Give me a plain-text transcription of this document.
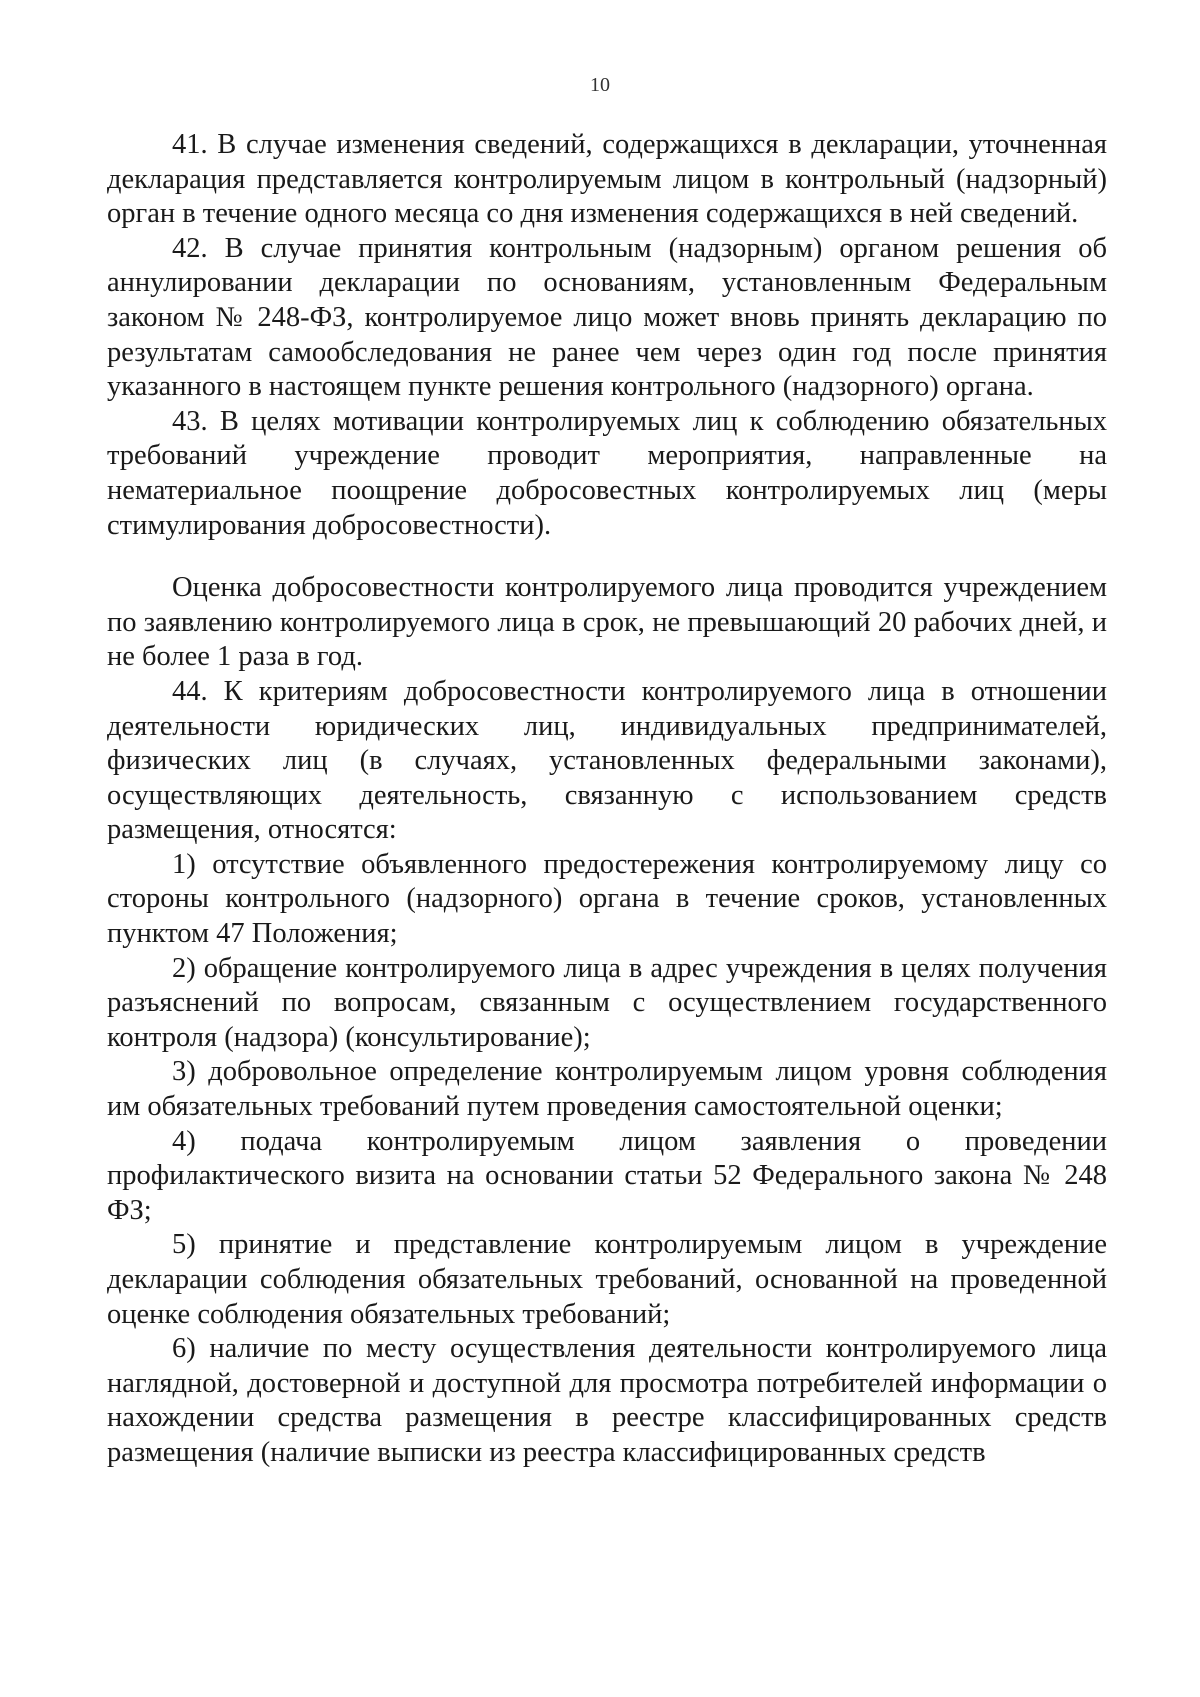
10

41. В случае изменения сведений, содержащихся в декларации, уточненная декларация представляется контролируемым лицом в контрольный (надзорный) орган в течение одного месяца со дня изменения содержащихся в ней сведений.

42. В случае принятия контрольным (надзорным) органом решения об аннулировании декларации по основаниям, установленным Федеральным законом № 248-ФЗ, контролируемое лицо может вновь принять декларацию по результатам самообследования не ранее чем через один год после принятия указанного в настоящем пункте решения контрольного (надзорного) органа.

43. В целях мотивации контролируемых лиц к соблюдению обязательных требований учреждение проводит мероприятия, направленные на нематериальное поощрение добросовестных контролируемых лиц (меры стимулирования добросовестности).

Оценка добросовестности контролируемого лица проводится учреждением по заявлению контролируемого лица в срок, не превышающий 20 рабочих дней, и не более 1 раза в год.

44. К критериям добросовестности контролируемого лица в отношении деятельности юридических лиц, индивидуальных предпринимателей, физических лиц (в случаях, установленных федеральными законами), осуществляющих деятельность, связанную с использованием средств размещения, относятся:

1) отсутствие объявленного предостережения контролируемому лицу со стороны контрольного (надзорного) органа в течение сроков, установленных пунктом 47 Положения;

2) обращение контролируемого лица в адрес учреждения в целях получения разъяснений по вопросам, связанным с осуществлением государственного контроля (надзора) (консультирование);

3) добровольное определение контролируемым лицом уровня соблюдения им обязательных требований путем проведения самостоятельной оценки;

4) подача контролируемым лицом заявления о проведении профилактического визита на основании статьи 52 Федерального закона № 248 ФЗ;

5) принятие и представление контролируемым лицом в учреждение декларации соблюдения обязательных требований, основанной на проведенной оценке соблюдения обязательных требований;

6) наличие по месту осуществления деятельности контролируемого лица наглядной, достоверной и доступной для просмотра потребителей информации о нахождении средства размещения в реестре классифицированных средств размещения (наличие выписки из реестра классифицированных средств
